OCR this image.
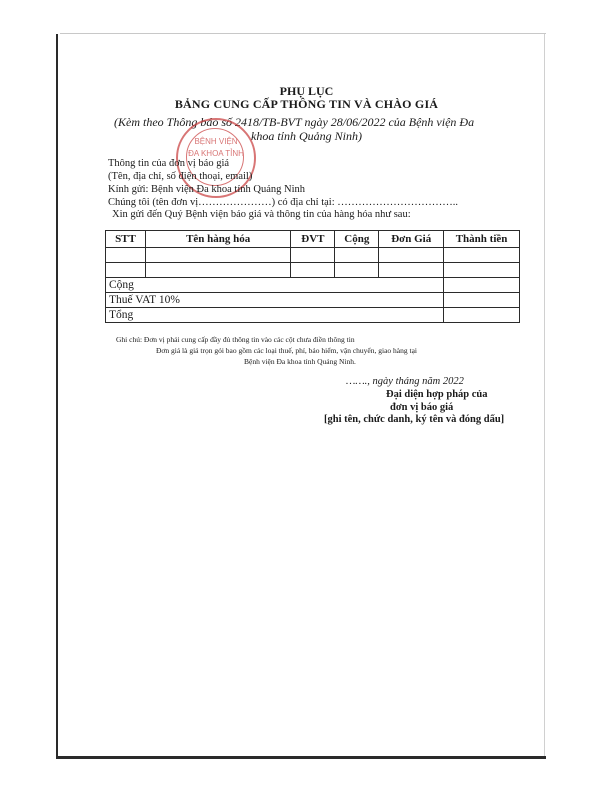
PHỤ LỤC
BẢNG CUNG CẤP THÔNG TIN VÀ CHÀO GIÁ
(Kèm theo Thông báo số 2418/TB-BVT ngày 28/06/2022 của Bệnh viện Đa
khoa tỉnh Quảng Ninh)
BỆNH VIỆN
ĐA KHOA TỈNH
Thông tin của đơn vị báo giá
(Tên, địa chỉ, số điện thoại, email)
Kính gửi: Bệnh viện Đa khoa tỉnh Quảng Ninh
Chúng tôi (tên đơn vị…………………) có địa chỉ tại: ……………………………..
Xin gửi đến Quý Bệnh viện báo giá và thông tin của hàng hóa như sau:
STT	Tên hàng hóa	ĐVT	Cộng	Đơn Giá	Thành tiền

Cộng					
Thuế VAT 10%					
Tổng					
Ghi chú: Đơn vị phải cung cấp đầy đủ thông tin vào các cột chưa điền thông tin
Đơn giá là giá trọn gói bao gồm các loại thuế, phí, bảo hiểm, vận chuyển, giao hàng tại
Bệnh viện Đa khoa tỉnh Quảng Ninh.
……., ngày tháng năm 2022
Đại diện hợp pháp của
đơn vị báo giá
[ghi tên, chức danh, ký tên và đóng dấu]
